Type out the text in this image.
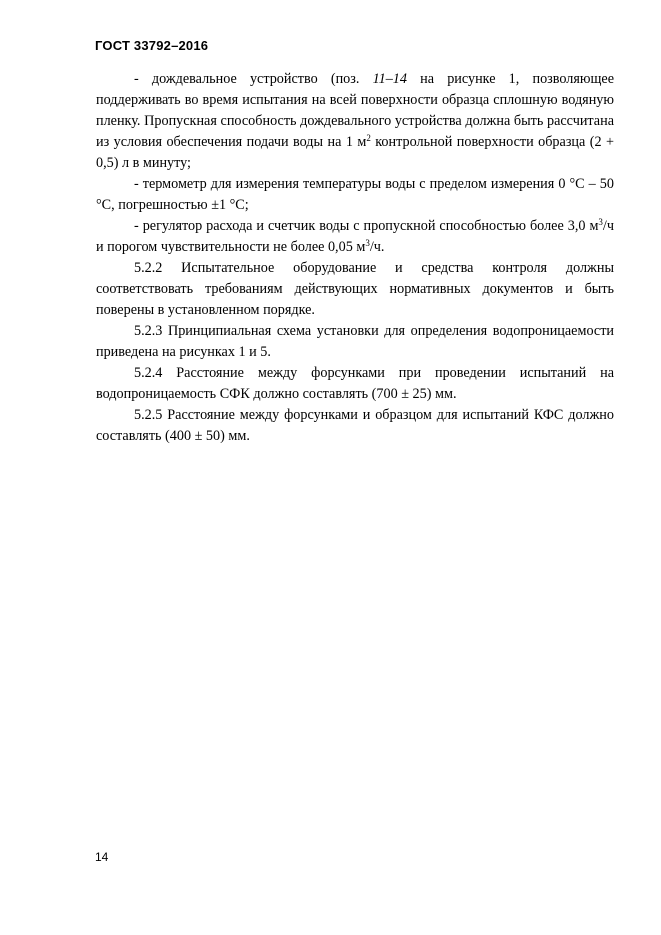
ГОСТ 33792–2016

- дождевальное устройство (поз. 11–14 на рисунке 1, позволяющее поддерживать во время испытания на всей поверхности образца сплошную водяную пленку. Пропускная способность дождевального устройства должна быть рассчитана из условия обеспечения подачи воды на 1 $м^2$ контрольной поверхности образца (2 + 0,5) л в минуту;

- термометр для измерения температуры воды с пределом измерения 0 °С – 50 °С, погрешностью ±1 °С;

- регулятор расхода и счетчик воды с пропускной способностью более 3,0 $м^3/ч$ и порогом чувствительности не более 0,05 $м^3/ч$.

5.2.2 Испытательное оборудование и средства контроля должны соответствовать требованиям действующих нормативных документов и быть поверены в установленном порядке.

5.2.3 Принципиальная схема установки для определения водопроницаемости приведена на рисунках 1 и 5.

5.2.4 Расстояние между форсунками при проведении испытаний на водопроницаемость СФК должно составлять (700 ± 25) мм.

5.2.5 Расстояние между форсунками и образцом для испытаний КФС должно составлять (400 ± 50) мм.

14
